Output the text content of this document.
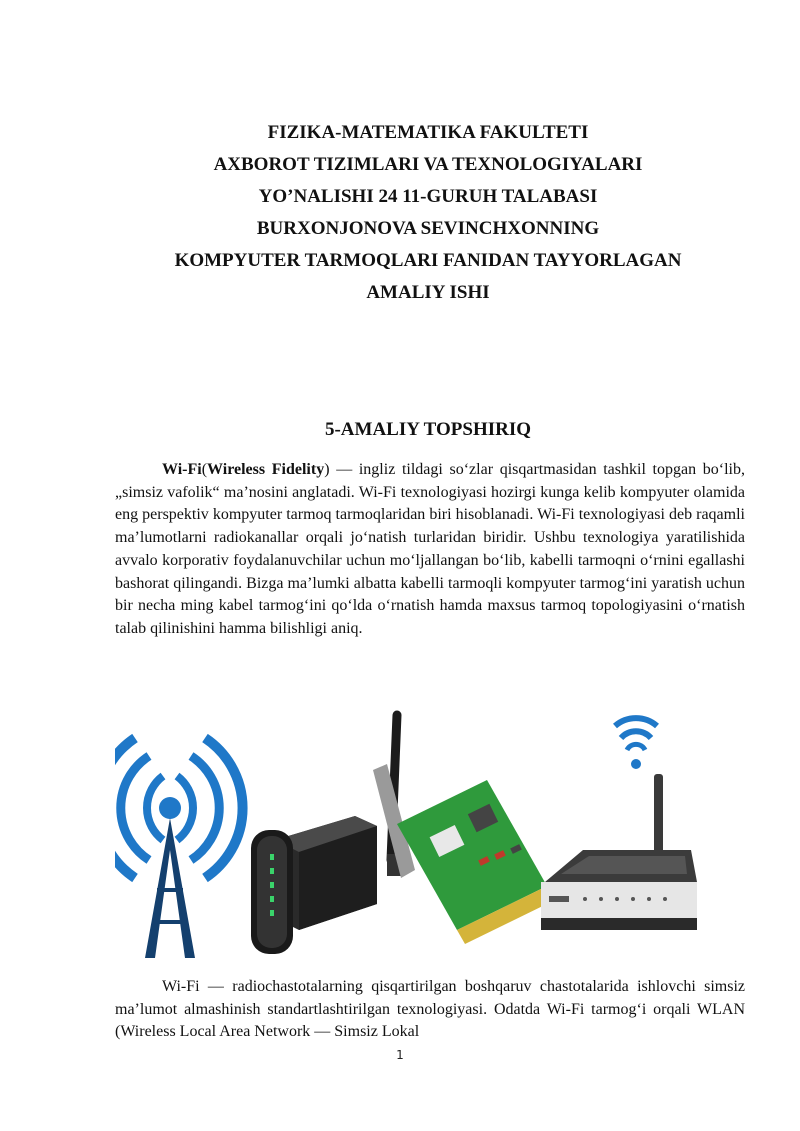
FIZIKA-MATEMATIKA FAKULTETI
AXBOROT TIZIMLARI VA TEXNOLOGIYALARI
YO’NALISHI 24 11-GURUH TALABASI
BURXONJONOVA SEVINCHXONNING
KOMPYUTER TARMOQLARI FANIDAN TAYYORLAGAN
AMALIY ISHI
5-AMALIY TOPSHIRIQ

Wi-Fi(Wireless Fidelity) — ingliz tildagi so‘zlar qisqartmasidan tashkil topgan bo‘lib, „simsiz vafolik“ ma’nosini anglatadi. Wi-Fi texnologiyasi hozirgi kunga kelib kompyuter olamida eng perspektiv kompyuter tarmoq tarmoqlaridan biri hisoblanadi. Wi-Fi texnologiyasi deb raqamli ma’lumotlarni radiokanallar orqali jo‘natish turlaridan biridir. Ushbu texnologiya yaratilishida avvalo korporativ foydalanuvchilar uchun mo‘ljallangan bo‘lib, kabelli tarmoqni o‘rnini egallashi bashorat qilingandi. Bizga ma’lumki albatta kabelli tarmoqli kompyuter tarmog‘ini yaratish uchun bir necha ming kabel tarmog‘ini qo‘lda o‘rnatish hamda maxsus tarmoq topologiyasini o‘rnatish talab qilinishini hamma bilishligi aniq.

Wi-Fi — radiochastotalarning qisqartirilgan boshqaruv chastotalarida ishlovchi simsiz ma’lumot almashinish standartlashtirilgan texnologiyasi. Odatda Wi-Fi tarmog‘i orqali WLAN (Wireless Local Area Network — Simsiz Lokal

1
